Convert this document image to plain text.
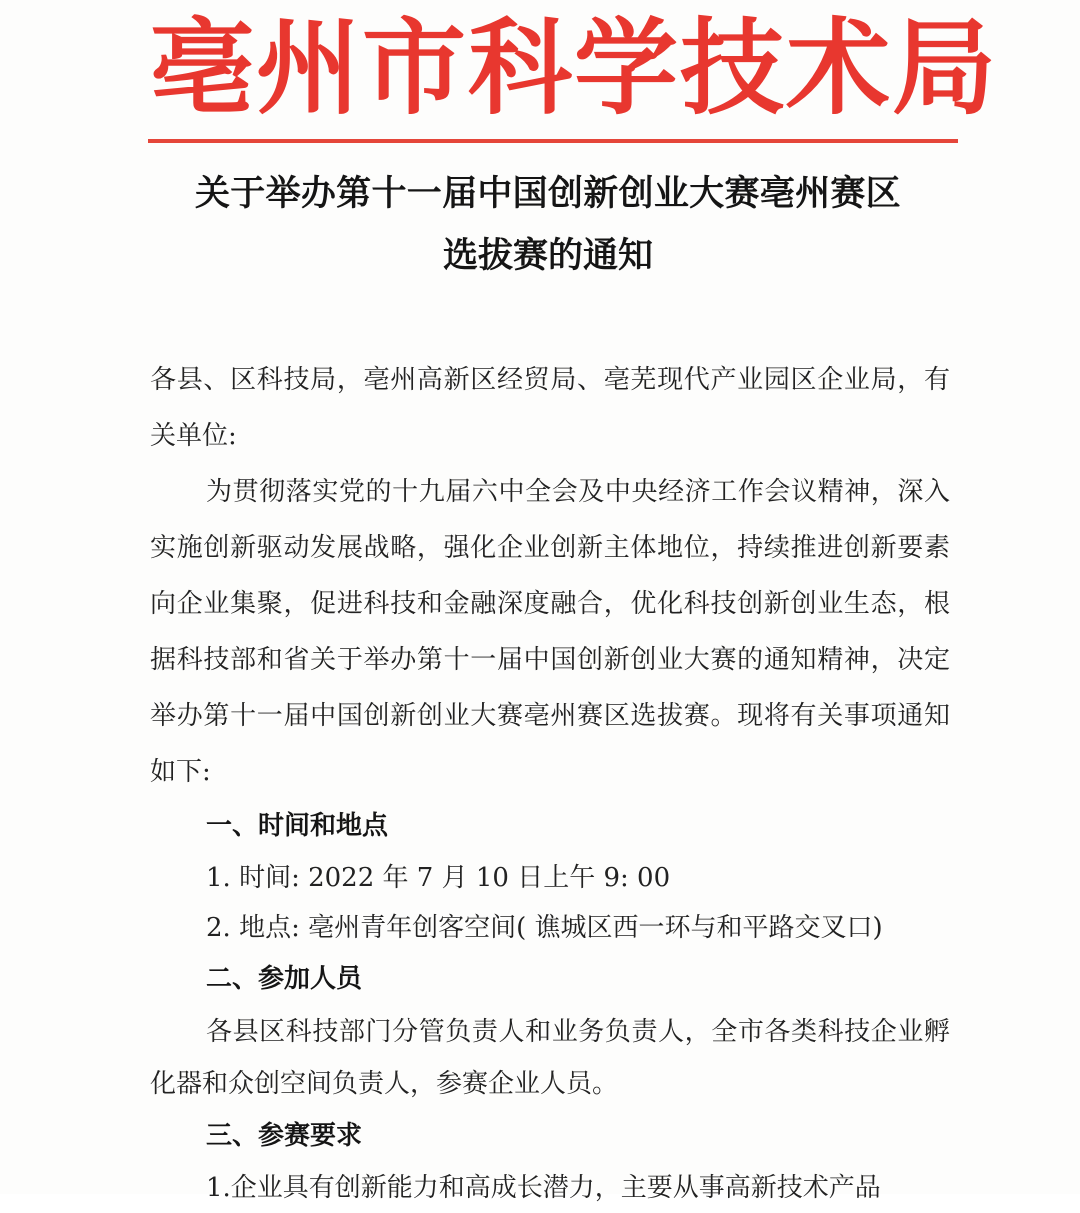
亳州市科学技术局
关于举办第十一届中国创新创业大赛亳州赛区
选拔赛的通知

各县、区科技局，亳州高新区经贸局、亳芜现代产业园区企业局，有关单位:

为贯彻落实党的十九届六中全会及中央经济工作会议精神，深入实施创新驱动发展战略，强化企业创新主体地位，持续推进创新要素向企业集聚，促进科技和金融深度融合，优化科技创新创业生态，根据科技部和省关于举办第十一届中国创新创业大赛的通知精神，决定举办第十一届中国创新创业大赛亳州赛区选拔赛。现将有关事项通知如下:

一、时间和地点

1. 时间: 2022 年 7 月 10 日上午 9: 00

2. 地点: 亳州青年创客空间( 谯城区西一环与和平路交叉口)

二、参加人员

各县区科技部门分管负责人和业务负责人，全市各类科技企业孵化器和众创空间负责人，参赛企业人员。

三、参赛要求

1.企业具有创新能力和高成长潜力，主要从事高新技术产品
